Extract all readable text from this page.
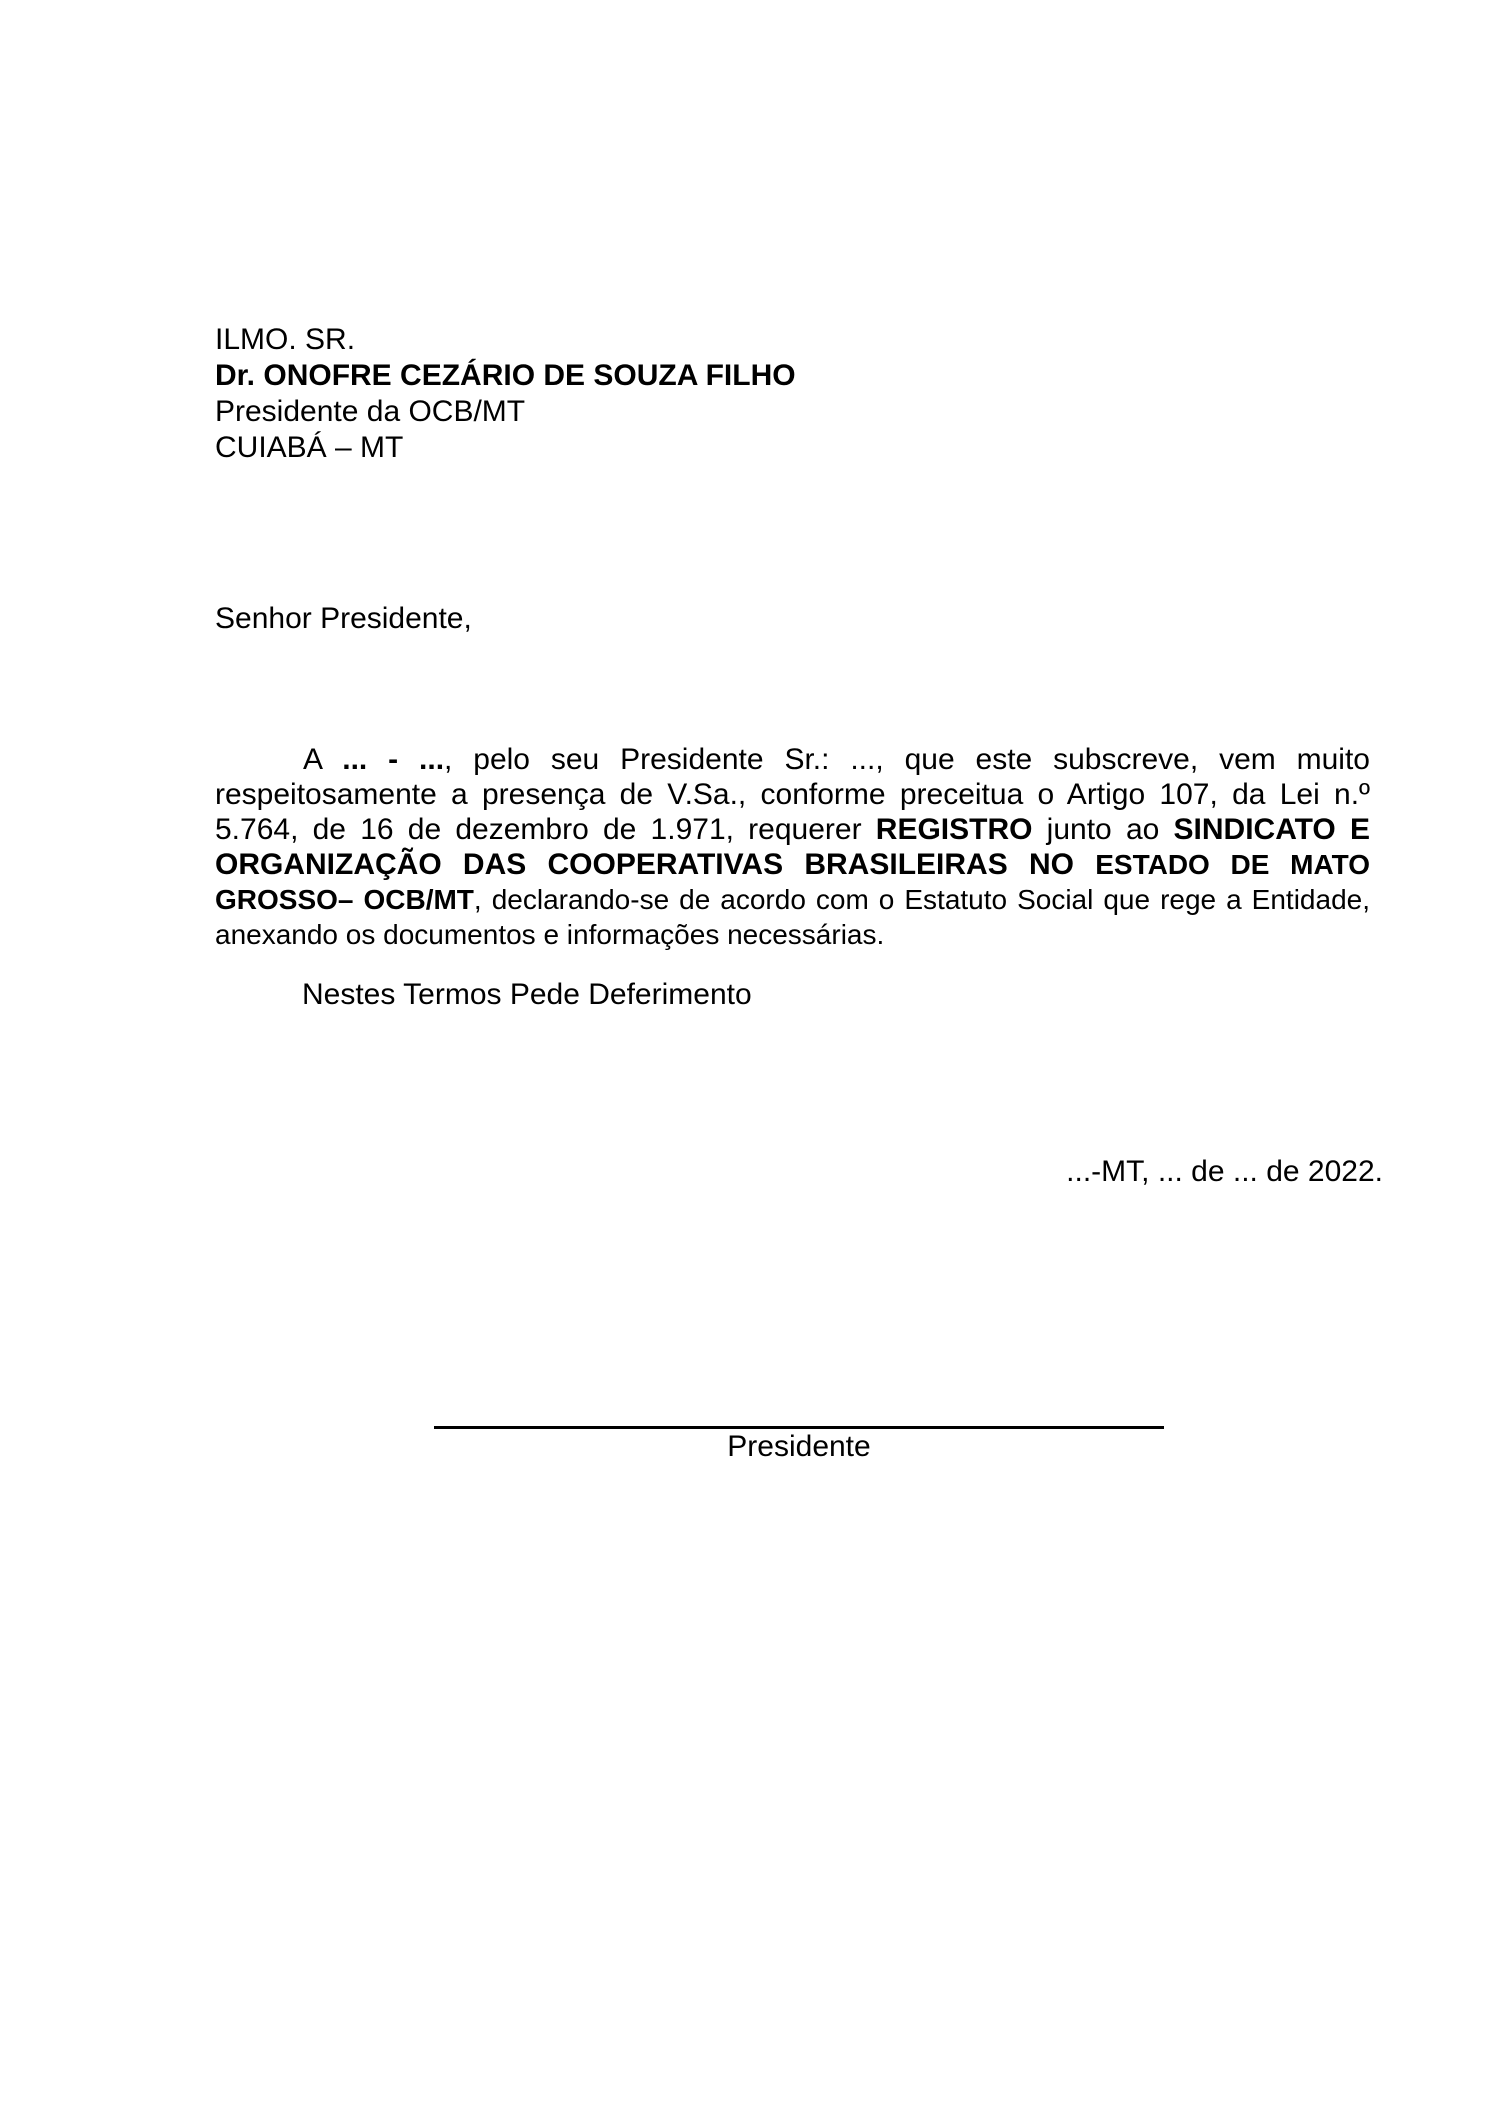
ILMO. SR.
Dr. ONOFRE CEZÁRIO DE SOUZA FILHO
Presidente da OCB/MT
CUIABÁ – MT
Senhor Presidente,
A ... - ..., pelo seu Presidente Sr.: ..., que este subscreve, vem muito
respeitosamente a presença de V.Sa., conforme preceitua o Artigo 107, da Lei n.º
5.764, de 16 de dezembro de 1.971, requerer REGISTRO junto ao SINDICATO E
ORGANIZAÇÃO DAS COOPERATIVAS BRASILEIRAS NO ESTADO DE MATO
GROSSO– OCB/MT, declarando-se de acordo com o Estatuto Social que rege a Entidade,
anexando os documentos e informações necessárias.
Nestes Termos Pede Deferimento
...-MT, ... de ... de 2022.
Presidente
